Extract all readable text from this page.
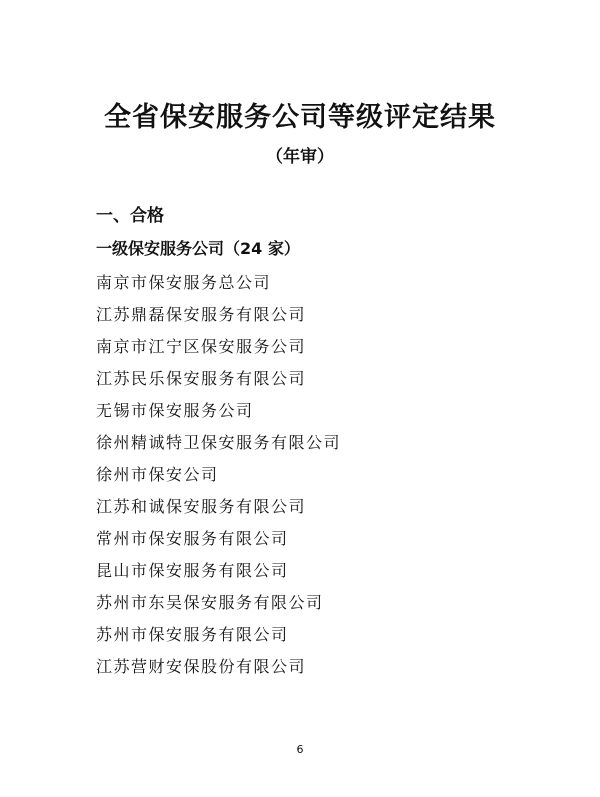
全省保安服务公司等级评定结果
（年审）
一、合格
一级保安服务公司（24 家）
南京市保安服务总公司
江苏鼎磊保安服务有限公司
南京市江宁区保安服务公司
江苏民乐保安服务有限公司
无锡市保安服务公司
徐州精诚特卫保安服务有限公司
徐州市保安公司
江苏和诚保安服务有限公司
常州市保安服务有限公司
昆山市保安服务有限公司
苏州市东吴保安服务有限公司
苏州市保安服务有限公司
江苏营财安保股份有限公司
6
